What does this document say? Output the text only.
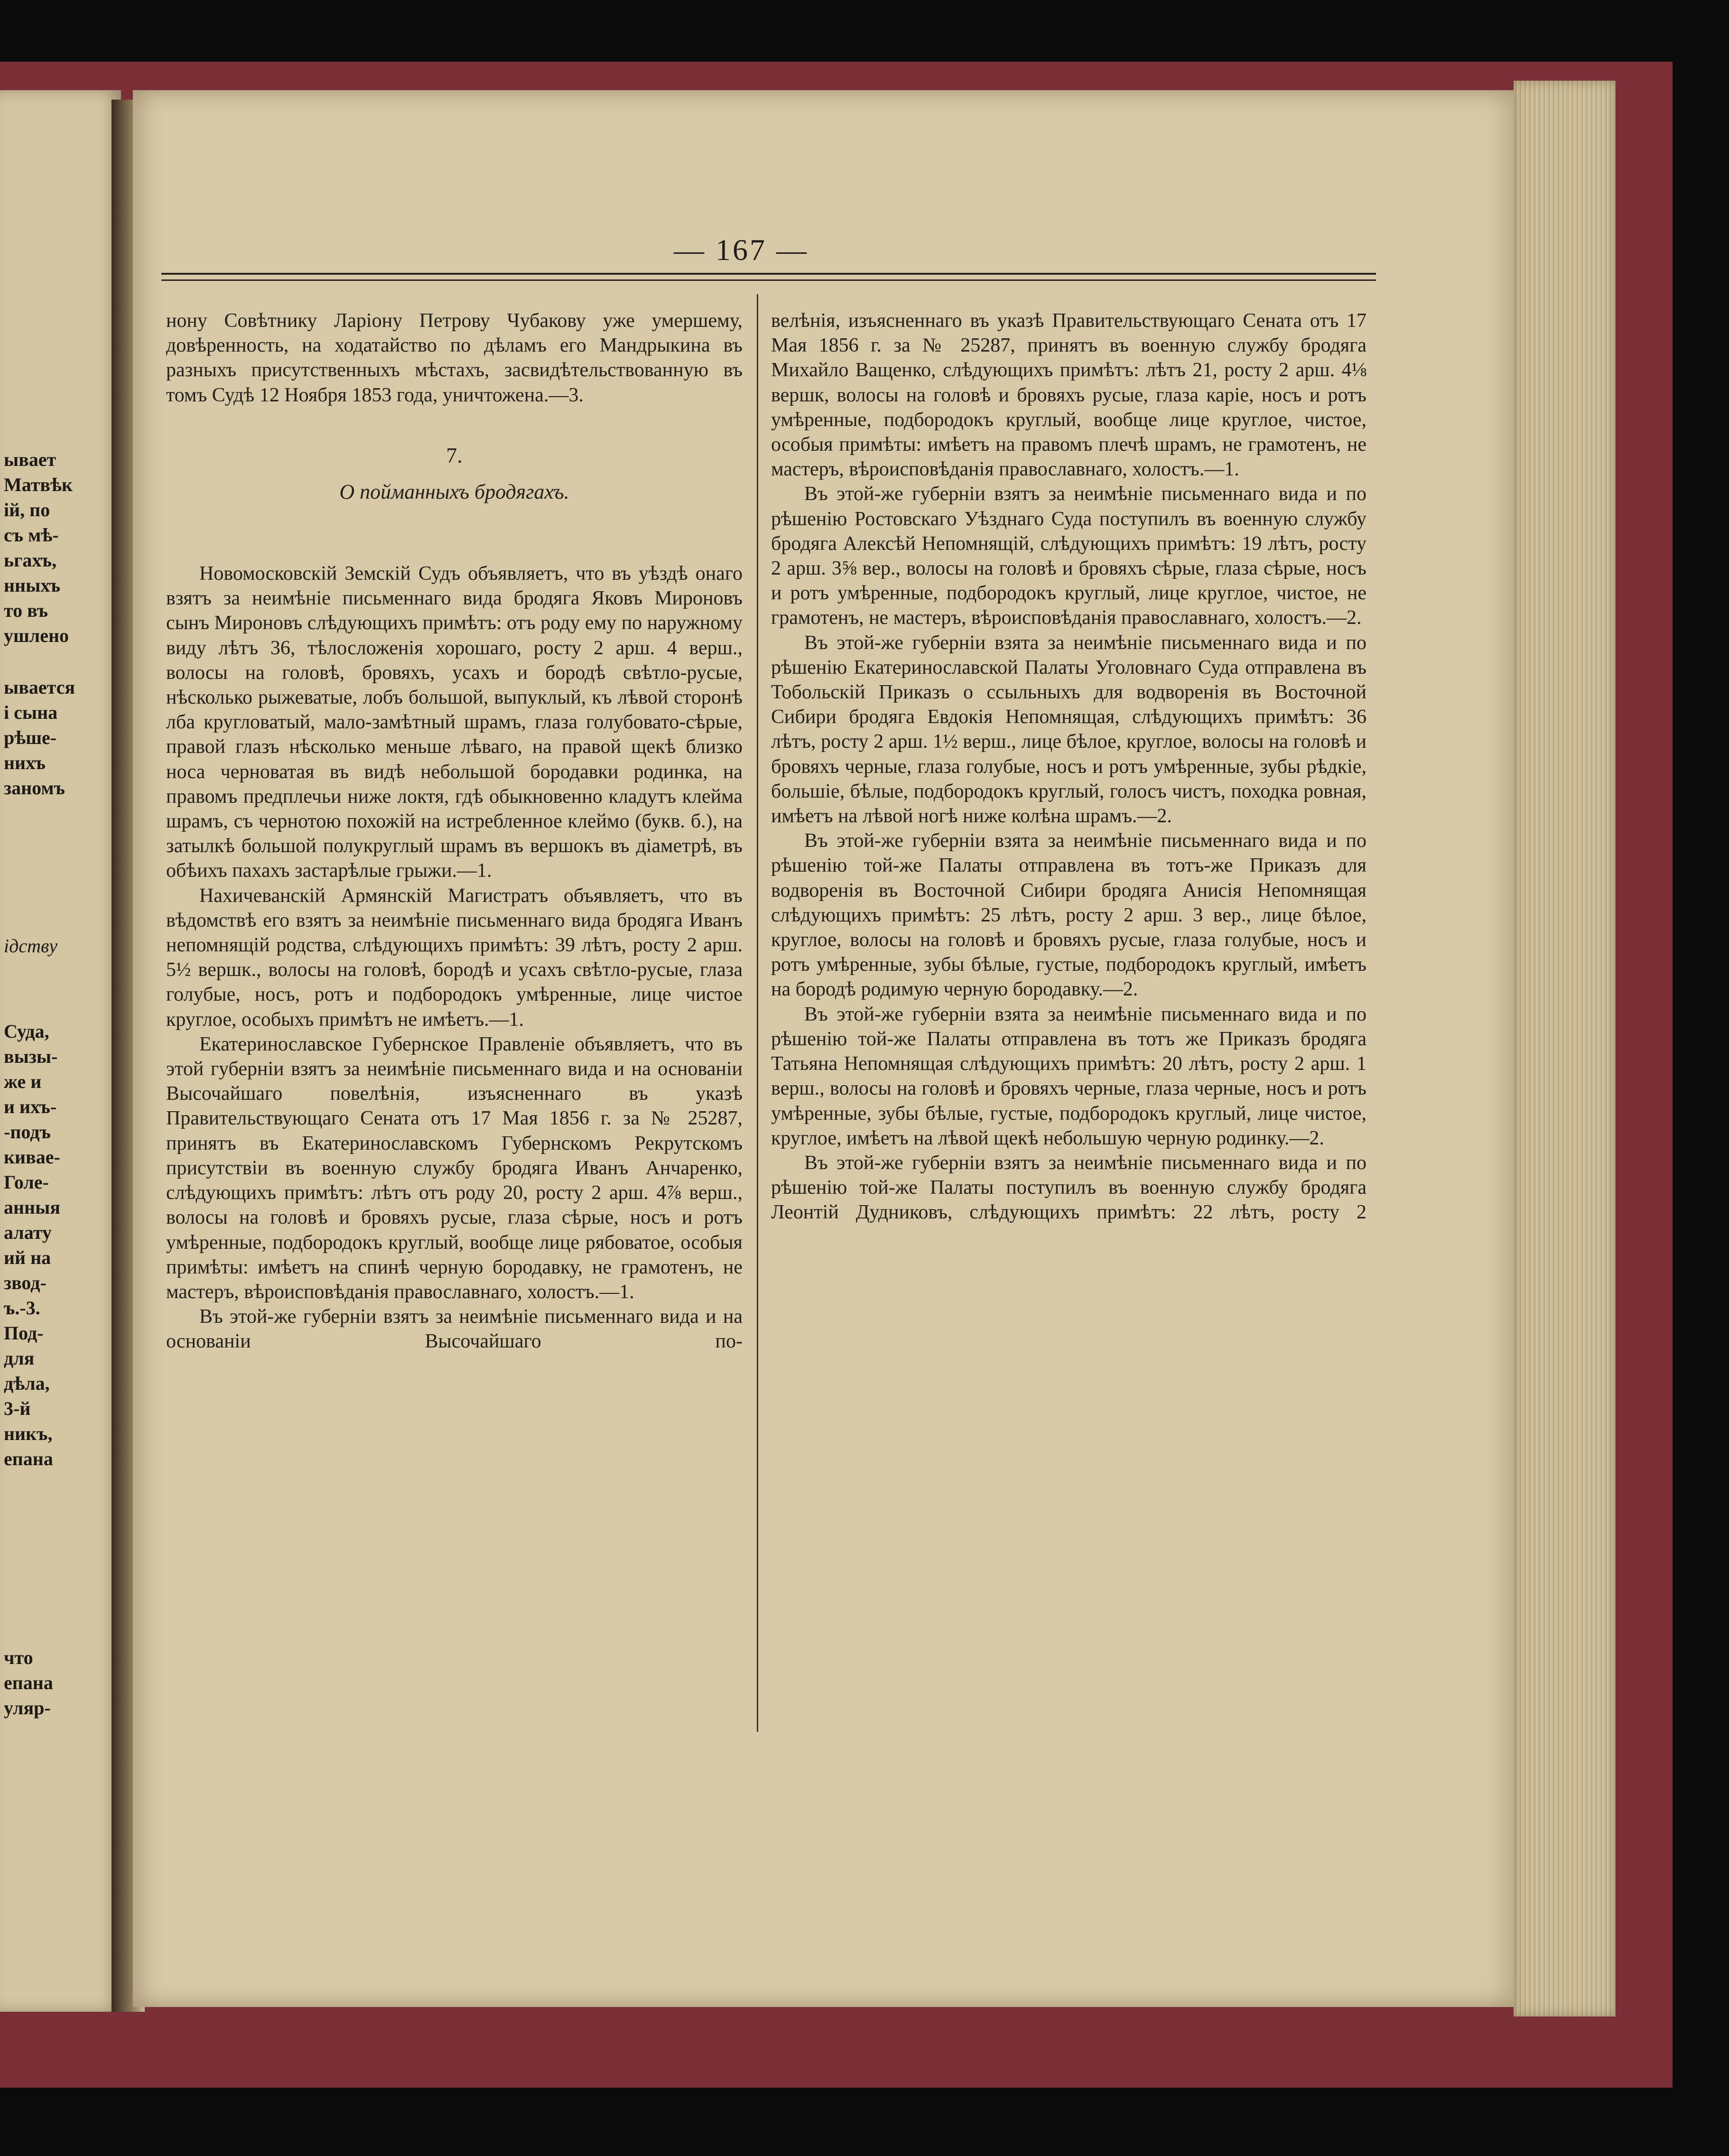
ывает
Матвѣк
ій, по
съ мѣ-
ьгахъ,
нныхъ
то въ
ушлено
ывается
і сына
рѣше-
нихъ
заномъ
ідству
Суда,
вызы-
же и
и ихъ-
-подъ
кивае-
Голе-
анныя
алату
ий на
звод-
ъ.-3.
Под-
для
дѣла,
3-й
никъ,
епана
что
епана
уляр-
— 167 —

нону Совѣтнику Ларіону Петрову Чубакову уже умершему, довѣренность, на ходатайство по дѣламъ его Мандрыкина въ разныхъ присутственныхъ мѣстахъ, засвидѣтельствованную въ томъ Судѣ 12 Ноября 1853 года, уничтожена.—3.

7.

О пойманныхъ бродягахъ.

Новомосковскій Земскій Судъ объявляетъ, что въ уѣздѣ онаго взятъ за неимѣніе письменнаго вида бродяга Яковъ Мироновъ сынъ Мироновъ слѣдующихъ примѣтъ: отъ роду ему по наружному виду лѣтъ 36, тѣлосложенія хорошаго, росту 2 арш. 4 верш., волосы на головѣ, бровяхъ, усахъ и бородѣ свѣтло-русые, нѣсколько рыжеватые, лобъ большой, выпуклый, къ лѣвой сторонѣ лба кругловатый, мало-замѣтный шрамъ, глаза голубовато-сѣрые, правой глазъ нѣсколько меньше лѣваго, на правой щекѣ близко носа черноватая въ видѣ небольшой бородавки родинка, на правомъ предплечьи ниже локтя, гдѣ обыкновенно кладутъ клейма шрамъ, съ чернотою похожій на истребленное клеймо (букв. б.), на затылкѣ большой полукруглый шрамъ въ вершокъ въ діаметрѣ, въ обѣихъ пахахъ застарѣлые грыжи.—1.

Нахичеванскій Армянскій Магистратъ объявляетъ, что въ вѣдомствѣ его взятъ за неимѣніе письменнаго вида бродяга Иванъ непомнящій родства, слѣдующихъ примѣтъ: 39 лѣтъ, росту 2 арш. 5½ вершк., волосы на головѣ, бородѣ и усахъ свѣтло-русые, глаза голубые, носъ, ротъ и подбородокъ умѣренные, лице чистое круглое, особыхъ примѣтъ не имѣетъ.—1.

Екатеринославское Губернское Правленіе объявляетъ, что въ этой губерніи взятъ за неимѣніе письменнаго вида и на основаніи Высочайшаго повелѣнія, изъясненнаго въ указѣ Правительствующаго Сената отъ 17 Мая 1856 г. за № 25287, принятъ въ Екатеринославскомъ Губернскомъ Рекрутскомъ присутствіи въ военную службу бродяга Иванъ Анчаренко, слѣдующихъ примѣтъ: лѣтъ отъ роду 20, росту 2 арш. 4⅞ верш., волосы на головѣ и бровяхъ русые, глаза сѣрые, носъ и ротъ умѣренные, подбородокъ круглый, вообще лице рябоватое, особыя примѣты: имѣетъ на спинѣ черную бородавку, не грамотенъ, не мастеръ, вѣроисповѣданія православнаго, холостъ.—1.

Въ этой-же губерніи взятъ за неимѣніе письменнаго вида и на основаніи Высочайшаго по-

велѣнія, изъясненнаго въ указѣ Правительствующаго Сената отъ 17 Мая 1856 г. за № 25287, принятъ въ военную службу бродяга Михайло Ващенко, слѣдующихъ примѣтъ: лѣтъ 21, росту 2 арш. 4⅛ вершк, волосы на головѣ и бровяхъ русые, глаза каріе, носъ и ротъ умѣренные, подбородокъ круглый, вообще лице круглое, чистое, особыя примѣты: имѣетъ на правомъ плечѣ шрамъ, не грамотенъ, не мастеръ, вѣроисповѣданія православнаго, холостъ.—1.

Въ этой-же губерніи взятъ за неимѣніе письменнаго вида и по рѣшенію Ростовскаго Уѣзднаго Суда поступилъ въ военную службу бродяга Алексѣй Непомнящій, слѣдующихъ примѣтъ: 19 лѣтъ, росту 2 арш. 3⅝ вер., волосы на головѣ и бровяхъ сѣрые, глаза сѣрые, носъ и ротъ умѣренные, подбородокъ круглый, лице круглое, чистое, не грамотенъ, не мастеръ, вѣроисповѣданія православнаго, холостъ.—2.

Въ этой-же губерніи взята за неимѣніе письменнаго вида и по рѣшенію Екатеринославской Палаты Уголовнаго Суда отправлена въ Тобольскій Приказъ о ссыльныхъ для водворенія въ Восточной Сибири бродяга Евдокія Непомнящая, слѣдующихъ примѣтъ: 36 лѣтъ, росту 2 арш. 1½ верш., лице бѣлое, круглое, волосы на головѣ и бровяхъ черные, глаза голубые, носъ и ротъ умѣренные, зубы рѣдкіе, большіе, бѣлые, подбородокъ круглый, голосъ чистъ, походка ровная, имѣетъ на лѣвой ногѣ ниже колѣна шрамъ.—2.

Въ этой-же губерніи взята за неимѣніе письменнаго вида и по рѣшенію той-же Палаты отправлена въ тотъ-же Приказъ для водворенія въ Восточной Сибири бродяга Анисія Непомнящая слѣдующихъ примѣтъ: 25 лѣтъ, росту 2 арш. 3 вер., лице бѣлое, круглое, волосы на головѣ и бровяхъ русые, глаза голубые, носъ и ротъ умѣренные, зубы бѣлые, густые, подбородокъ круглый, имѣетъ на бородѣ родимую черную бородавку.—2.

Въ этой-же губерніи взята за неимѣніе письменнаго вида и по рѣшенію той-же Палаты отправлена въ тотъ же Приказъ бродяга Татьяна Непомнящая слѣдующихъ примѣтъ: 20 лѣтъ, росту 2 арш. 1 верш., волосы на головѣ и бровяхъ черные, глаза черные, носъ и ротъ умѣренные, зубы бѣлые, густые, подбородокъ круглый, лице чистое, круглое, имѣетъ на лѣвой щекѣ небольшую черную родинку.—2.

Въ этой-же губерніи взятъ за неимѣніе письменнаго вида и по рѣшенію той-же Палаты поступилъ въ военную службу бродяга Леонтій Дудниковъ, слѣдующихъ примѣтъ: 22 лѣтъ, росту 2
